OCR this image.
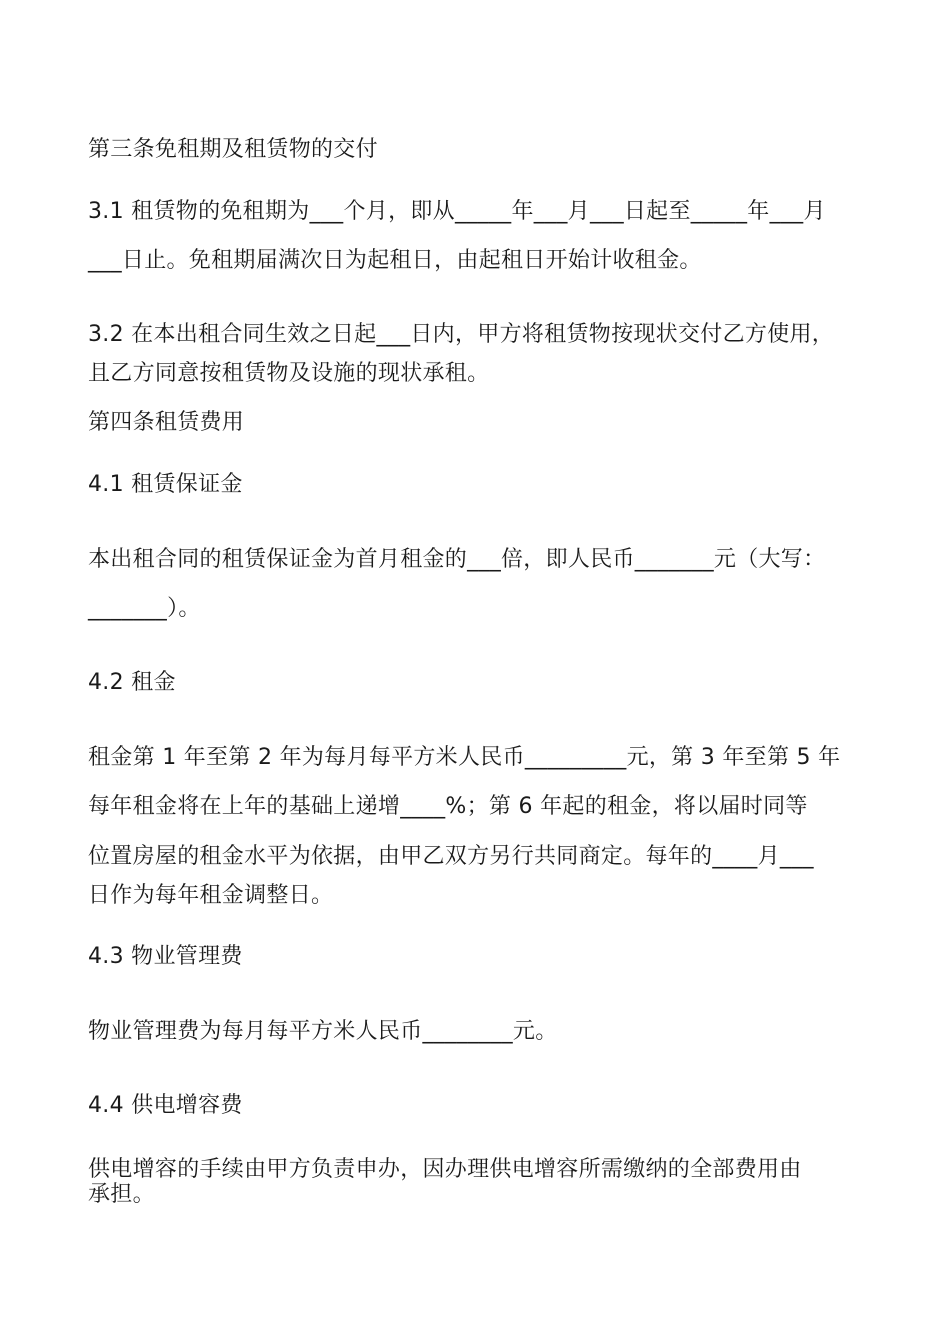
第三条免租期及租赁物的交付
3.1 租赁物的免租期为___个月，即从_____年___月___日起至_____年___月
___日止。免租期届满次日为起租日，由起租日开始计收租金。
3.2 在本出租合同生效之日起___日内，甲方将租赁物按现状交付乙方使用，
且乙方同意按租赁物及设施的现状承租。
第四条租赁费用
4.1 租赁保证金
本出租合同的租赁保证金为首月租金的___倍，即人民币_______元（大写：
_______）。
4.2 租金
租金第 1 年至第 2 年为每月每平方米人民币_________元，第 3 年至第 5 年
每年租金将在上年的基础上递增____%；第 6 年起的租金，将以届时同等
位置房屋的租金水平为依据，由甲乙双方另行共同商定。每年的____月___
日作为每年租金调整日。
4.3 物业管理费
物业管理费为每月每平方米人民币________元。
4.4 供电增容费
供电增容的手续由甲方负责申办，因办理供电增容所需缴纳的全部费用由
承担。
